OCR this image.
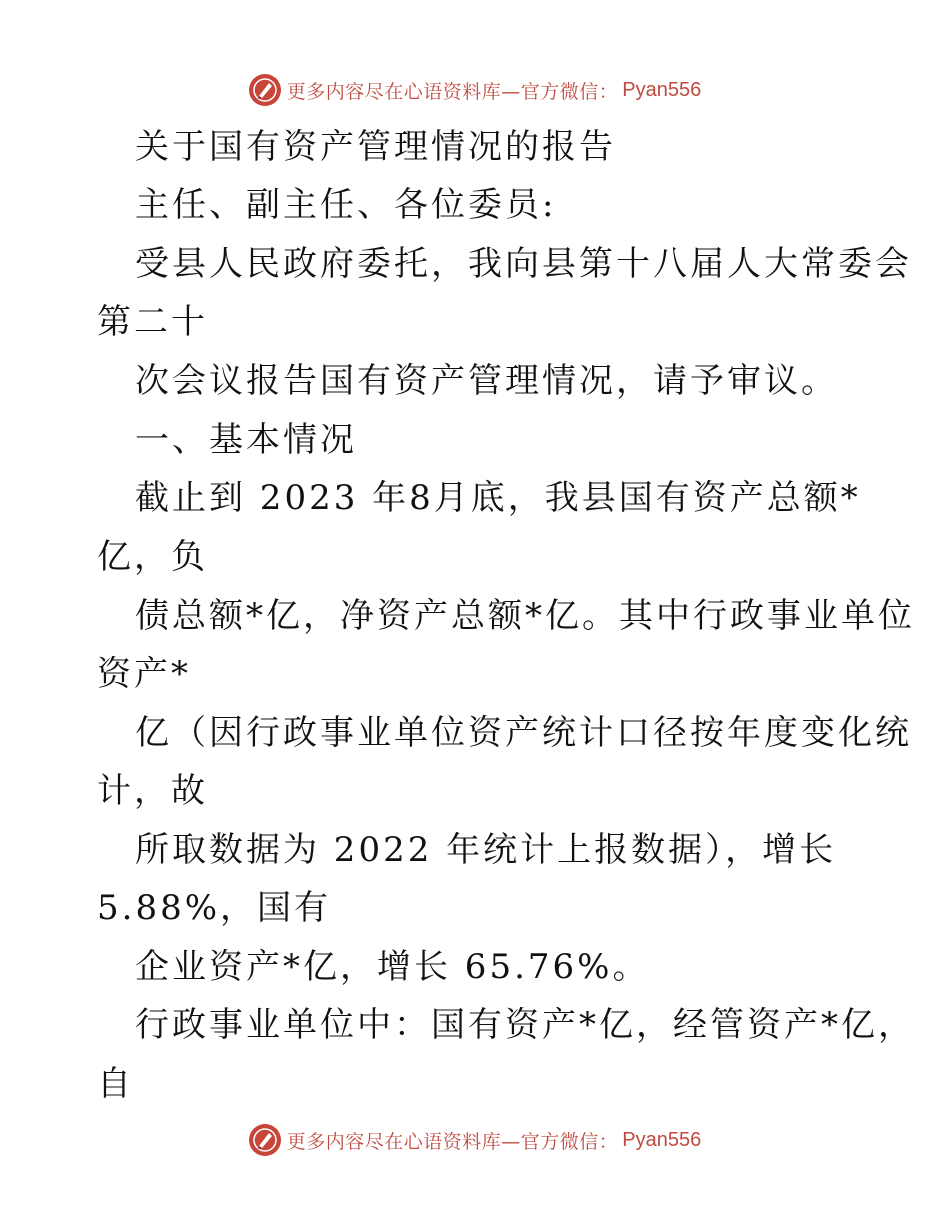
更多内容尽在心语资料库—官方微信： Pyan556
关于国有资产管理情况的报告
主任、副主任、各位委员:
受县人民政府委托，我向县第十八届人大常委会
第二十
次会议报告国有资产管理情况，请予审议。
一、基本情况
截止到 2023 年8月底，我县国有资产总额*
亿，负
债总额*亿，净资产总额*亿。其中行政事业单位
资产*
亿（因行政事业单位资产统计口径按年度变化统
计，故
所取数据为 2022 年统计上报数据），增长
5.88%，国有
企业资产*亿，增长 65.76%。
行政事业单位中：国有资产*亿，经管资产*亿，
自
更多内容尽在心语资料库—官方微信： Pyan556
